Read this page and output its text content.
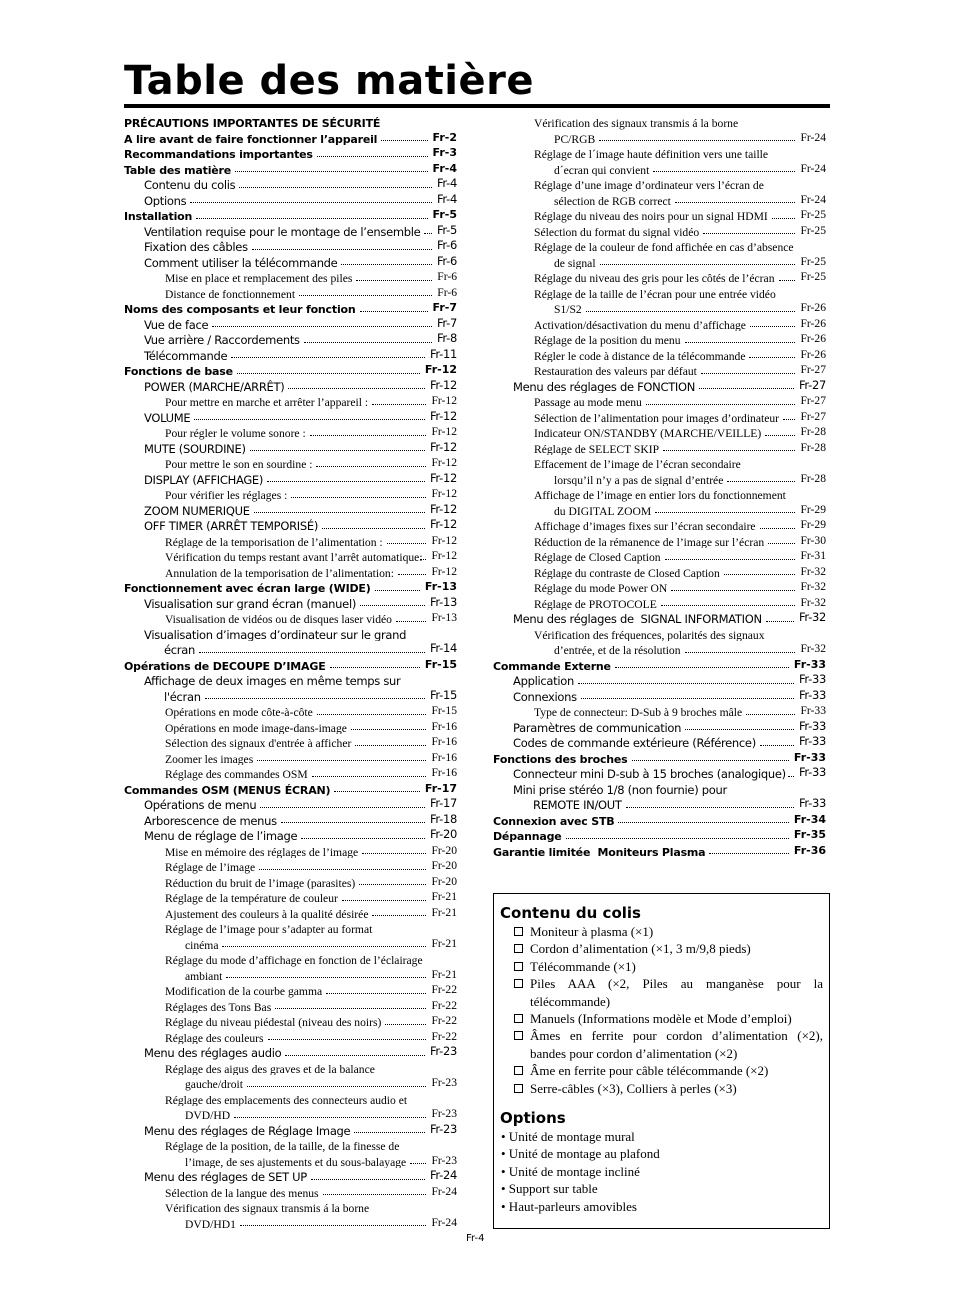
Table des matière
PRÉCAUTIONS IMPORTANTES DE SÉCURITÉ
A lire avant de faire fonctionner l’appareil	Fr-2
Recommandations importantes	Fr-3
Table des matière	Fr-4
Contenu du colis	Fr-4
Options	Fr-4
Installation	Fr-5
Ventilation requise pour le montage de l’ensemble Fr-5
Fixation des câbles	Fr-6
Comment utiliser la télécommande	Fr-6
Mise en place et remplacement des piles	Fr-6
Distance de fonctionnement	Fr-6
Noms des composants et leur fonction	Fr-7
Vue de face	Fr-7
Vue arrière / Raccordements	Fr-8
Télécommande	Fr-11
Fonctions de base	Fr-12
POWER (MARCHE/ARRÊT)	Fr-12
Pour mettre en marche et arrêter l’appareil :	Fr-12
VOLUME	Fr-12
Pour régler le volume sonore :	Fr-12
MUTE (SOURDINE)	Fr-12
Pour mettre le son en sourdine :	Fr-12
DISPLAY (AFFICHAGE)	Fr-12
Pour vérifier les réglages :	Fr-12
ZOOM NUMERIQUE	Fr-12
OFF TIMER (ARRÊT TEMPORISÉ)	Fr-12
Réglage de la temporisation de l’alimentation :	Fr-12
Vérification du temps restant avant l’arrêt automatique: Fr-12
Annulation de la temporisation de l’alimentation:	Fr-12
Fonctionnement avec écran large (WIDE)	Fr-13
Visualisation sur grand écran (manuel)	Fr-13
Visualisation de vidéos ou de disques laser vidéo	Fr-13
Visualisation d’images d’ordinateur sur le grand
écran	Fr-14
Opérations de DECOUPE D’IMAGE	Fr-15
Affichage de deux images en même temps sur
l'écran	Fr-15
Opérations en mode côte-à-côte	Fr-15
Opérations en mode image-dans-image	Fr-16
Sélection des signaux d'entrée à afficher	Fr-16
Zoomer les images	Fr-16
Réglage des commandes OSM	Fr-16
Commandes OSM (MENUS ÉCRAN)	Fr-17
Opérations de menu	Fr-17
Arborescence de menus	Fr-18
Menu de réglage de l’image	Fr-20
Mise en mémoire des réglages de l’image	Fr-20
Réglage de l’image	Fr-20
Réduction du bruit de l’image (parasites)	Fr-20
Réglage de la température de couleur	Fr-21
Ajustement des couleurs à la qualité désirée	Fr-21
Réglage de l’image pour s’adapter au format
cinéma	Fr-21
Réglage du mode d’affichage en fonction de l’éclairage
ambiant	Fr-21
Modification de la courbe gamma	Fr-22
Réglages des Tons Bas	Fr-22
Réglage du niveau piédestal (niveau des noirs)	Fr-22
Réglage des couleurs	Fr-22
Menu des réglages audio	Fr-23
Réglage des aigus des graves et de la balance
gauche/droit	Fr-23
Réglage des emplacements des connecteurs audio et
DVD/HD	Fr-23
Menu des réglages de Réglage Image	Fr-23
Réglage de la position, de la taille, de la finesse de
l’image, de ses ajustements et du sous-balayage Fr-23
Menu des réglages de SET UP	Fr-24
Sélection de la langue des menus	Fr-24
Vérification des signaux transmis á la borne
DVD/HD1	Fr-24
Vérification des signaux transmis á la borne
PC/RGB	Fr-24
Réglage de l´image haute définition vers une taille
d´ecran qui convient	Fr-24
Réglage d’une image d’ordinateur vers l’écran de
sélection de RGB correct	Fr-24
Réglage du niveau des noirs pour un signal HDMI	Fr-25
Sélection du format du signal vidéo	Fr-25
Réglage de la couleur de fond affichée en cas d’absence
de signal	Fr-25
Réglage du niveau des gris pour les côtés de l’écran Fr-25
Réglage de la taille de l’écran pour une entrée vidéo
S1/S2	Fr-26
Activation/désactivation du menu d’affichage	Fr-26
Réglage de la position du menu	Fr-26
Régler le code à distance de la télécommande	Fr-26
Restauration des valeurs par défaut	Fr-27
Menu des réglages de FONCTION	Fr-27
Passage au mode menu	Fr-27
Sélection de l’alimentation pour images d’ordinateur Fr-27
Indicateur ON/STANDBY (MARCHE/VEILLE)	Fr-28
Réglage de SELECT SKIP	Fr-28
Effacement de l’image de l’écran secondaire
lorsqu’il n’y a pas de signal d’entrée	Fr-28
Affichage de l’image en entier lors du fonctionnement
du DIGITAL ZOOM	Fr-29
Affichage d’images fixes sur l’écran secondaire	Fr-29
Réduction de la rémanence de l’image sur l’écran	Fr-30
Réglage de Closed Caption	Fr-31
Réglage du contraste de Closed Caption	Fr-32
Réglage du mode Power ON	Fr-32
Réglage de PROTOCOLE	Fr-32
Menu des réglages de  SIGNAL INFORMATION	Fr-32
Vérification des fréquences, polarités des signaux
d’entrée, et de la résolution	Fr-32
Commande Externe	Fr-33
Application	Fr-33
Connexions	Fr-33
Type de connecteur: D-Sub à 9 broches mâle	Fr-33
Paramètres de communication	Fr-33
Codes de commande extérieure (Référence)	Fr-33
Fonctions des broches	Fr-33
Connecteur mini D-sub à 15 broches (analogique) Fr-33
Mini prise stéréo 1/8 (non fournie) pour
REMOTE IN/OUT	Fr-33
Connexion avec STB	Fr-34
Dépannage	Fr-35
Garantie limitée  Moniteurs Plasma	Fr-36
Fr-4
Contenu du colis
Moniteur à plasma (×1)
Cordon d’alimentation (×1, 3 m/9,8 pieds)
Télécommande (×1)
Piles AAA (×2, Piles au manganèse pour la télécommande)
Manuels (Informations modèle et Mode d’emploi)
Âmes en ferrite pour cordon d’alimentation (×2), bandes pour cordon d’alimentation (×2)
Âme en ferrite pour câble télécommande (×2)
Serre-câbles (×3), Colliers à perles (×3)
Options
• Unité de montage mural
• Unité de montage au plafond
• Unité de montage incliné
• Support sur table
• Haut-parleurs amovibles
